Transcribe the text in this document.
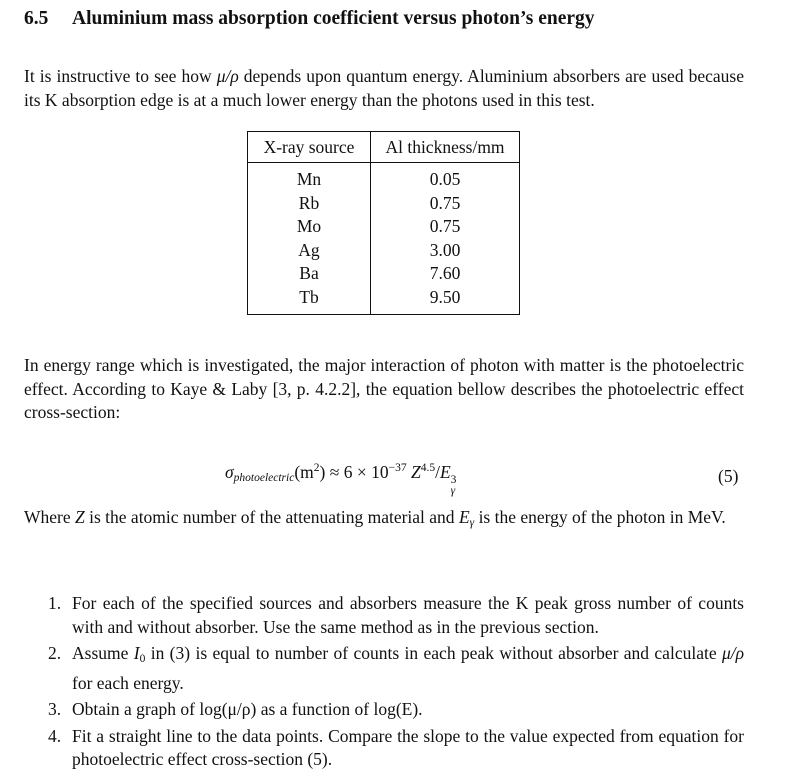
6.5 Aluminium mass absorption coefficient versus photon’s energy
It is instructive to see how μ/ρ depends upon quantum energy. Aluminium absorbers are used because its K absorption edge is at a much lower energy than the photons used in this test.
X-ray source	Al thickness/mm
Mn	0.05
Rb	0.75
Mo	0.75
Ag	3.00
Ba	7.60
Tb	9.50
In energy range which is investigated, the major interaction of photon with matter is the photoelectric effect. According to Kaye & Laby [3, p. 4.2.2], the equation bellow describes the photoelectric effect cross-section:
$\sigma_{photoelectric}(m^2) \approx 6 \times 10^{-37}$ $Z^{4.5}/E$ 3
γ
(5)
Where Z is the atomic number of the attenuating material and $E_\gamma$ is the energy of the photon in MeV.
1. For each of the specified sources and absorbers measure the K peak gross number of counts with and without absorber. Use the same method as in the previous section.
2. Assume $I_0$ in (3) is equal to number of counts in each peak without absorber and calculate μ/ρ for each energy.
3. Obtain a graph of log(μ/ρ) as a function of log(E).
4. Fit a straight line to the data points. Compare the slope to the value expected from equation for photoelectric effect cross-section (5).
